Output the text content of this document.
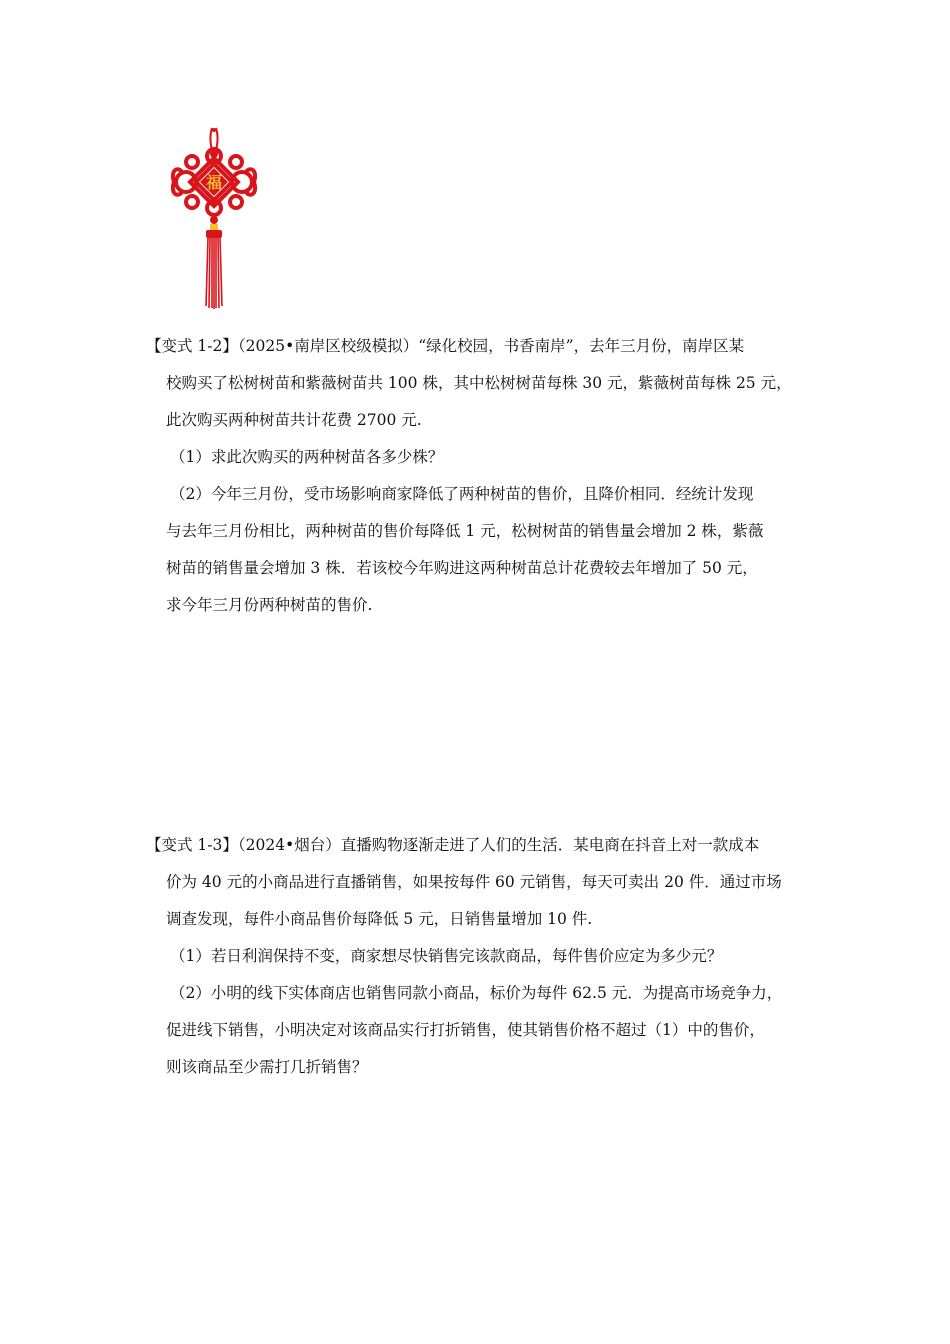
福
【变式 1-2】（2025•南岸区校级模拟）“绿化校园，书香南岸”，去年三月份，南岸区某
校购买了松树树苗和紫薇树苗共 100 株，其中松树树苗每株 30 元，紫薇树苗每株 25 元，
此次购买两种树苗共计花费 2700 元.
（1）求此次购买的两种树苗各多少株？
（2）今年三月份，受市场影响商家降低了两种树苗的售价，且降价相同．经统计发现
与去年三月份相比，两种树苗的售价每降低 1 元，松树树苗的销售量会增加 2 株，紫薇
树苗的销售量会增加 3 株．若该校今年购进这两种树苗总计花费较去年增加了 50 元，
求今年三月份两种树苗的售价.
【变式 1-3】（2024•烟台）直播购物逐渐走进了人们的生活．某电商在抖音上对一款成本
价为 40 元的小商品进行直播销售，如果按每件 60 元销售，每天可卖出 20 件．通过市场
调查发现，每件小商品售价每降低 5 元，日销售量增加 10 件.
（1）若日利润保持不变，商家想尽快销售完该款商品，每件售价应定为多少元？
（2）小明的线下实体商店也销售同款小商品，标价为每件 62.5 元．为提高市场竞争力，
促进线下销售，小明决定对该商品实行打折销售，使其销售价格不超过（1）中的售价，
则该商品至少需打几折销售？
